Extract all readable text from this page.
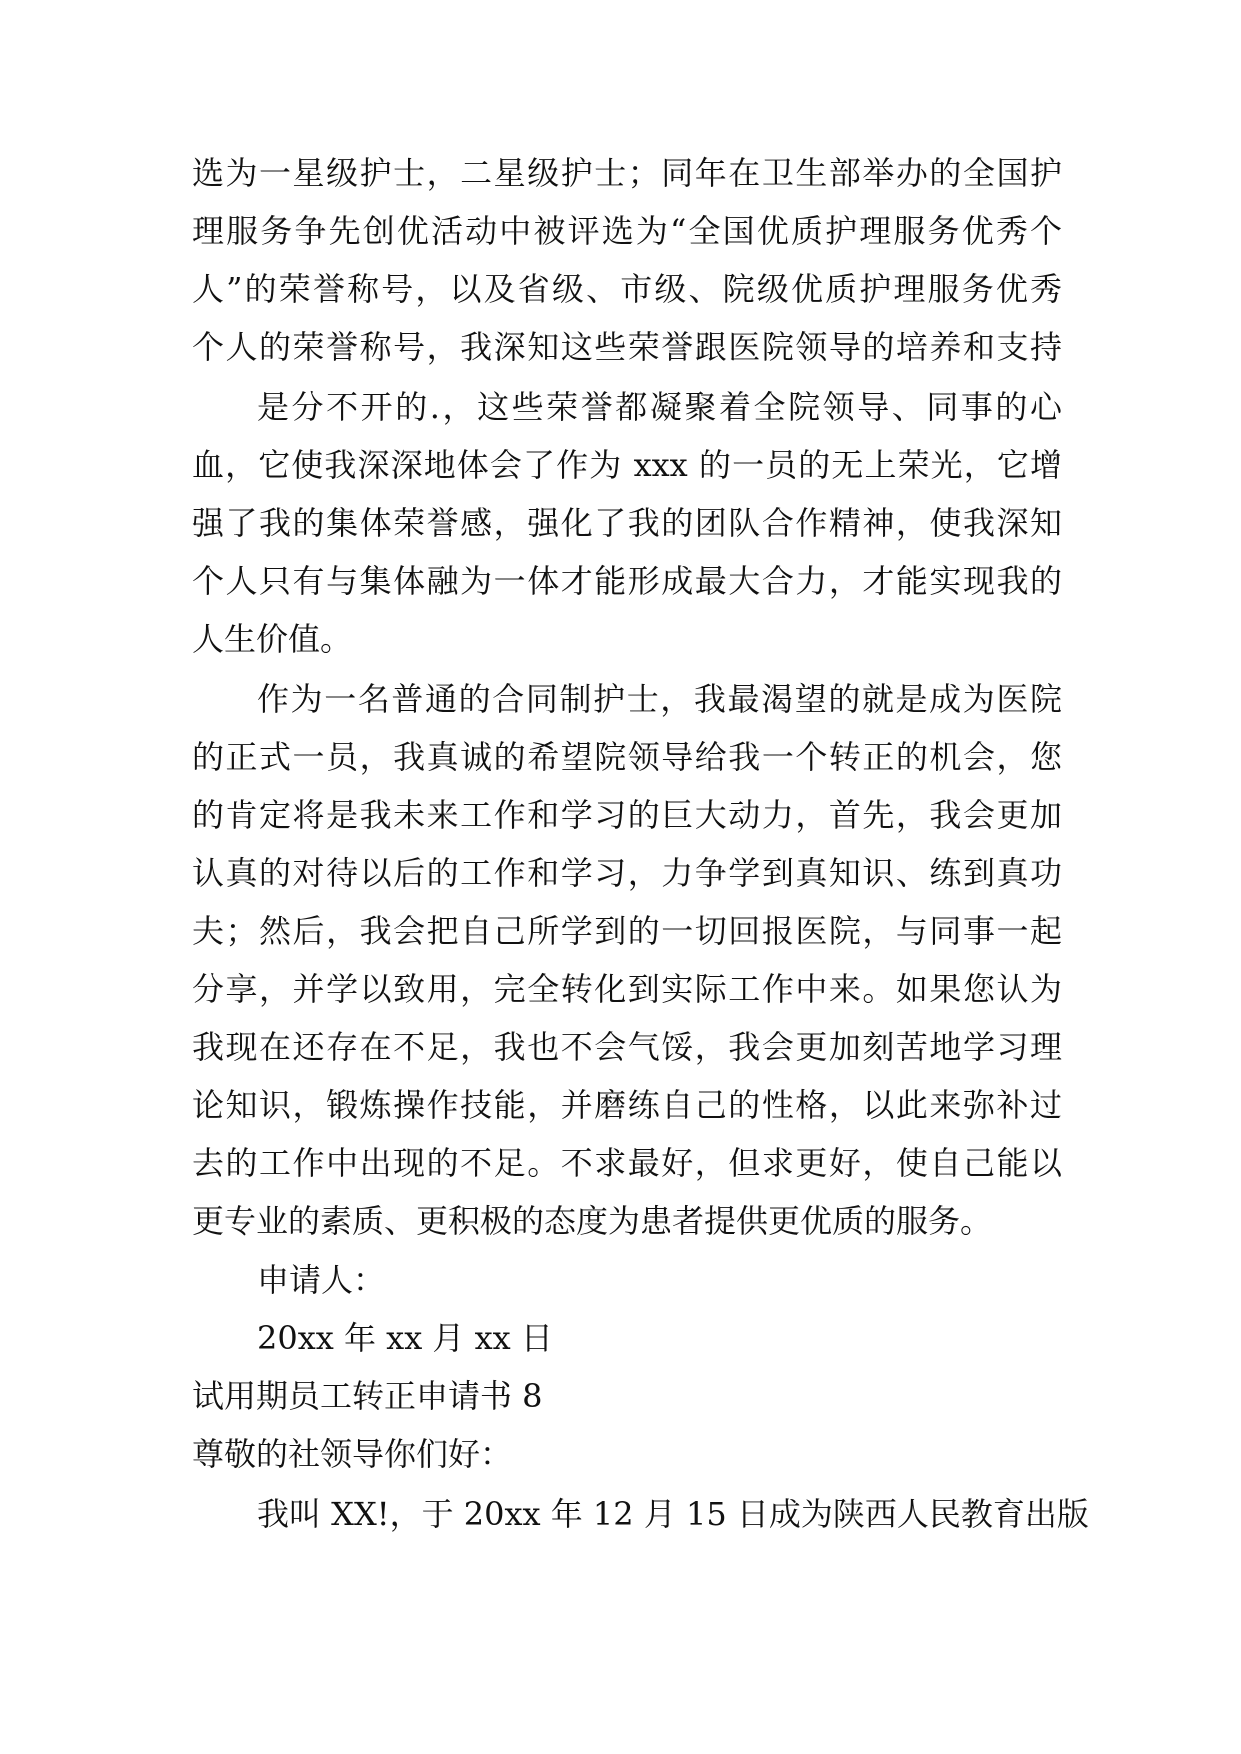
选为一星级护士，二星级护士；同年在卫生部举办的全国护
理服务争先创优活动中被评选为“全国优质护理服务优秀个
人”的荣誉称号，以及省级、市级、院级优质护理服务优秀
个人的荣誉称号，我深知这些荣誉跟医院领导的培养和支持
是分不开的.，这些荣誉都凝聚着全院领导、同事的心
血，它使我深深地体会了作为 xxx 的一员的无上荣光，它增
强了我的集体荣誉感，强化了我的团队合作精神，使我深知
个人只有与集体融为一体才能形成最大合力，才能实现我的
人生价值。
作为一名普通的合同制护士，我最渴望的就是成为医院
的正式一员，我真诚的希望院领导给我一个转正的机会，您
的肯定将是我未来工作和学习的巨大动力，首先，我会更加
认真的对待以后的工作和学习，力争学到真知识、练到真功
夫；然后，我会把自己所学到的一切回报医院，与同事一起
分享，并学以致用，完全转化到实际工作中来。如果您认为
我现在还存在不足，我也不会气馁，我会更加刻苦地学习理
论知识，锻炼操作技能，并磨练自己的性格，以此来弥补过
去的工作中出现的不足。不求最好，但求更好，使自己能以
更专业的素质、更积极的态度为患者提供更优质的服务。
申请人：
20xx 年 xx 月 xx 日
试用期员工转正申请书 8
尊敬的社领导你们好：
我叫 XX!，于 20xx 年 12 月 15 日成为陕西人民教育出版
